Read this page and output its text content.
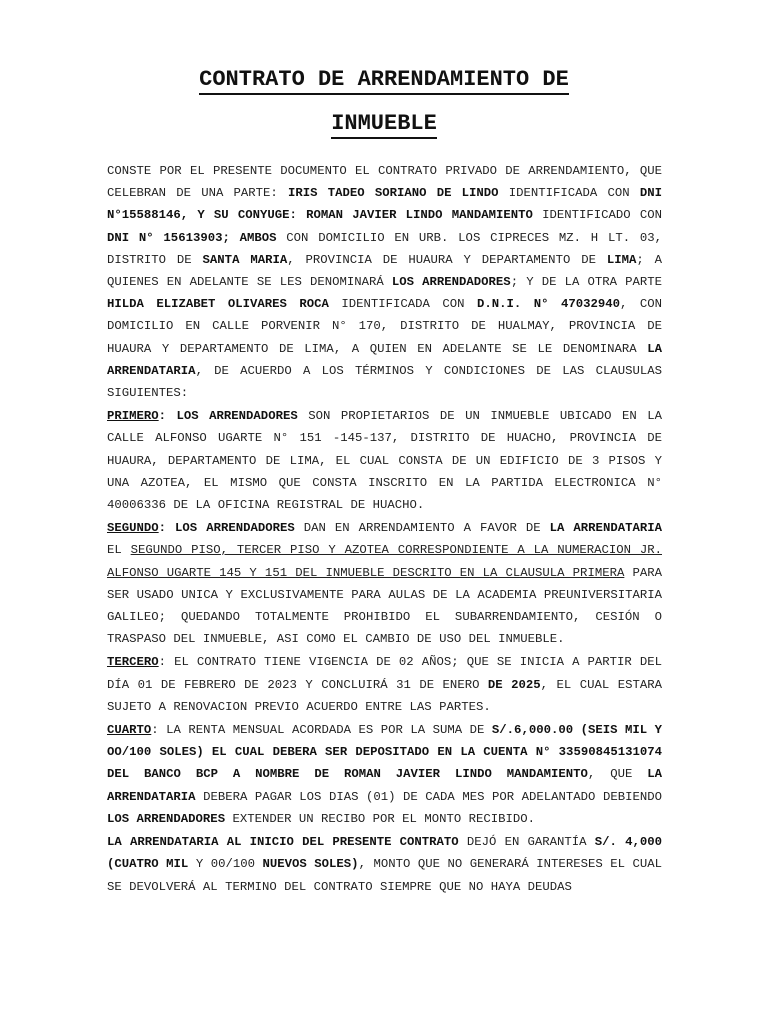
CONTRATO DE ARRENDAMIENTO DE
INMUEBLE

CONSTE POR EL PRESENTE DOCUMENTO EL CONTRATO PRIVADO DE ARRENDAMIENTO, QUE CELEBRAN DE UNA PARTE: IRIS TADEO SORIANO DE LINDO IDENTIFICADA CON DNI N°15588146, Y SU CONYUGE: ROMAN JAVIER LINDO MANDAMIENTO IDENTIFICADO CON DNI N° 15613903; AMBOS CON DOMICILIO EN URB. LOS CIPRECES MZ. H LT. 03, DISTRITO DE SANTA MARIA, PROVINCIA DE HUAURA Y DEPARTAMENTO DE LIMA; A QUIENES EN ADELANTE SE LES DENOMINARÁ LOS ARRENDADORES; Y DE LA OTRA PARTE HILDA ELIZABET OLIVARES ROCA IDENTIFICADA CON D.N.I. N° 47032940, CON DOMICILIO EN CALLE PORVENIR N° 170, DISTRITO DE HUALMAY, PROVINCIA DE HUAURA Y DEPARTAMENTO DE LIMA, A QUIEN EN ADELANTE SE LE DENOMINARA LA ARRENDATARIA, DE ACUERDO A LOS TÉRMINOS Y CONDICIONES DE LAS CLAUSULAS SIGUIENTES:

PRIMERO: LOS ARRENDADORES SON PROPIETARIOS DE UN INMUEBLE UBICADO EN LA CALLE ALFONSO UGARTE N° 151 -145-137, DISTRITO DE HUACHO, PROVINCIA DE HUAURA, DEPARTAMENTO DE LIMA, EL CUAL CONSTA DE UN EDIFICIO DE 3 PISOS Y UNA AZOTEA, EL MISMO QUE CONSTA INSCRITO EN LA PARTIDA ELECTRONICA N° 40006336 DE LA OFICINA REGISTRAL DE HUACHO.

SEGUNDO: LOS ARRENDADORES DAN EN ARRENDAMIENTO A FAVOR DE LA ARRENDATARIA EL SEGUNDO PISO, TERCER PISO Y AZOTEA CORRESPONDIENTE A LA NUMERACION JR. ALFONSO UGARTE 145 Y 151 DEL INMUEBLE DESCRITO EN LA CLAUSULA PRIMERA PARA SER USADO UNICA Y EXCLUSIVAMENTE PARA AULAS DE LA ACADEMIA PREUNIVERSITARIA GALILEO; QUEDANDO TOTALMENTE PROHIBIDO EL SUBARRENDAMIENTO, CESIÓN O TRASPASO DEL INMUEBLE, ASI COMO EL CAMBIO DE USO DEL INMUEBLE.

TERCERO: EL CONTRATO TIENE VIGENCIA DE 02 AÑOS; QUE SE INICIA A PARTIR DEL DÍA 01 DE FEBRERO DE 2023 Y CONCLUIRÁ 31 DE ENERO DE 2025, EL CUAL ESTARA SUJETO A RENOVACION PREVIO ACUERDO ENTRE LAS PARTES.

CUARTO: LA RENTA MENSUAL ACORDADA ES POR LA SUMA DE S/.6,000.00 (SEIS MIL Y OO/100 SOLES) EL CUAL DEBERA SER DEPOSITADO EN LA CUENTA N° 33590845131074 DEL BANCO BCP A NOMBRE DE ROMAN JAVIER LINDO MANDAMIENTO, QUE LA ARRENDATARIA DEBERA PAGAR LOS DIAS (01) DE CADA MES POR ADELANTADO DEBIENDO LOS ARRENDADORES EXTENDER UN RECIBO POR EL MONTO RECIBIDO.

LA ARRENDATARIA AL INICIO DEL PRESENTE CONTRATO DEJÓ EN GARANTÍA S/. 4,000 (CUATRO MIL Y 00/100 NUEVOS SOLES), MONTO QUE NO GENERARÁ INTERESES EL CUAL SE DEVOLVERÁ AL TERMINO DEL CONTRATO SIEMPRE QUE NO HAYA DEUDAS
